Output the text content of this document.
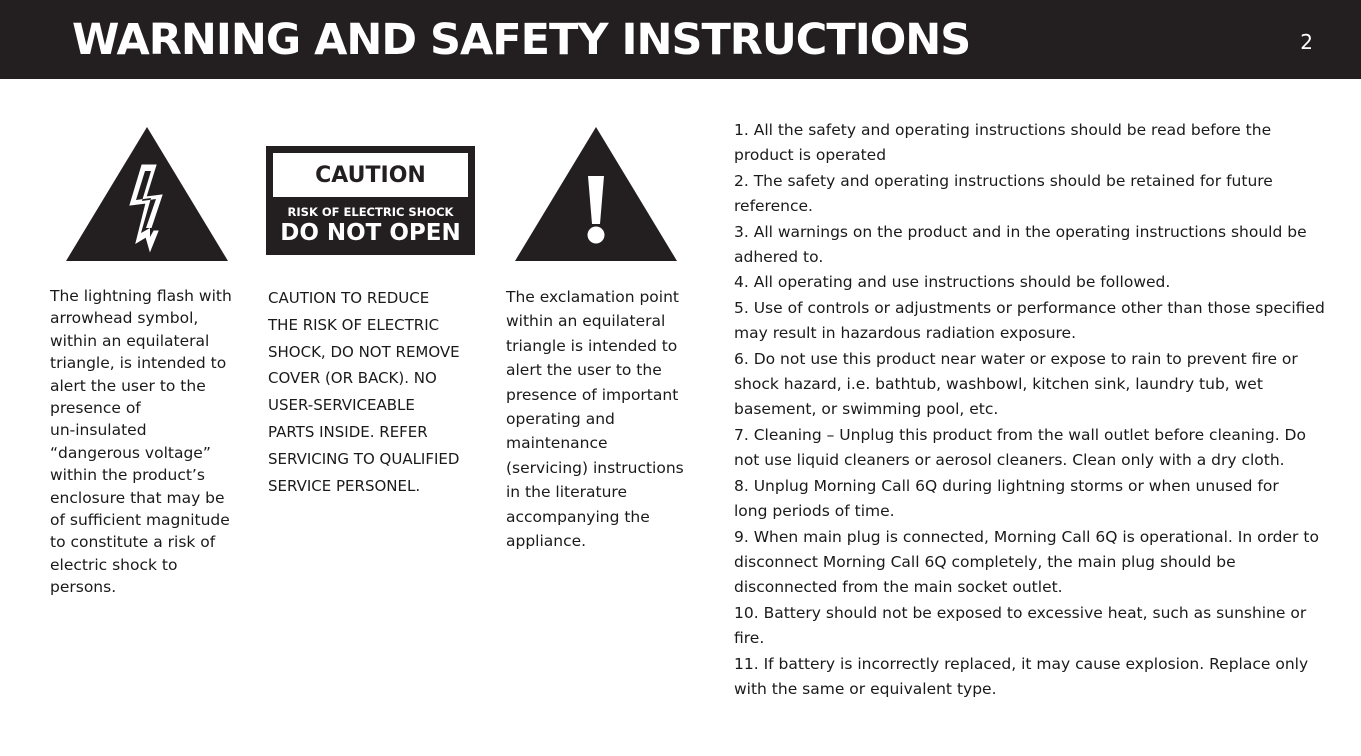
WARNING AND SAFETY INSTRUCTIONS	2
CAUTION
RISK OF ELECTRIC SHOCK
DO NOT OPEN
The lightning flash with
arrowhead symbol,
within an equilateral
triangle, is intended to
alert the user to the
presence of
un-insulated
“dangerous voltage”
within the product’s
enclosure that may be
of sufficient magnitude
to constitute a risk of
electric shock to
persons.
CAUTION TO REDUCE
THE RISK OF ELECTRIC
SHOCK, DO NOT REMOVE
COVER (OR BACK). NO
USER-SERVICEABLE
PARTS INSIDE. REFER
SERVICING TO QUALIFIED
SERVICE PERSONEL.
The exclamation point
within an equilateral
triangle is intended to
alert the user to the
presence of important
operating and
maintenance
(servicing) instructions
in the literature
accompanying the
appliance.
1. All the safety and operating instructions should be read before the
product is operated
2. The safety and operating instructions should be retained for future
reference.
3. All warnings on the product and in the operating instructions should be
adhered to.
4. All operating and use instructions should be followed.
5. Use of controls or adjustments or performance other than those specified
may result in hazardous radiation exposure.
6. Do not use this product near water or expose to rain to prevent fire or
shock hazard, i.e. bathtub, washbowl, kitchen sink, laundry tub, wet
basement, or swimming pool, etc.
7. Cleaning – Unplug this product from the wall outlet before cleaning. Do
not use liquid cleaners or aerosol cleaners. Clean only with a dry cloth.
8. Unplug Morning Call 6Q during lightning storms or when unused for
long periods of time.
9. When main plug is connected, Morning Call 6Q is operational. In order to
disconnect Morning Call 6Q completely, the main plug should be
disconnected from the main socket outlet.
10. Battery should not be exposed to excessive heat, such as sunshine or
fire.
11. If battery is incorrectly replaced, it may cause explosion. Replace only
with the same or equivalent type.
